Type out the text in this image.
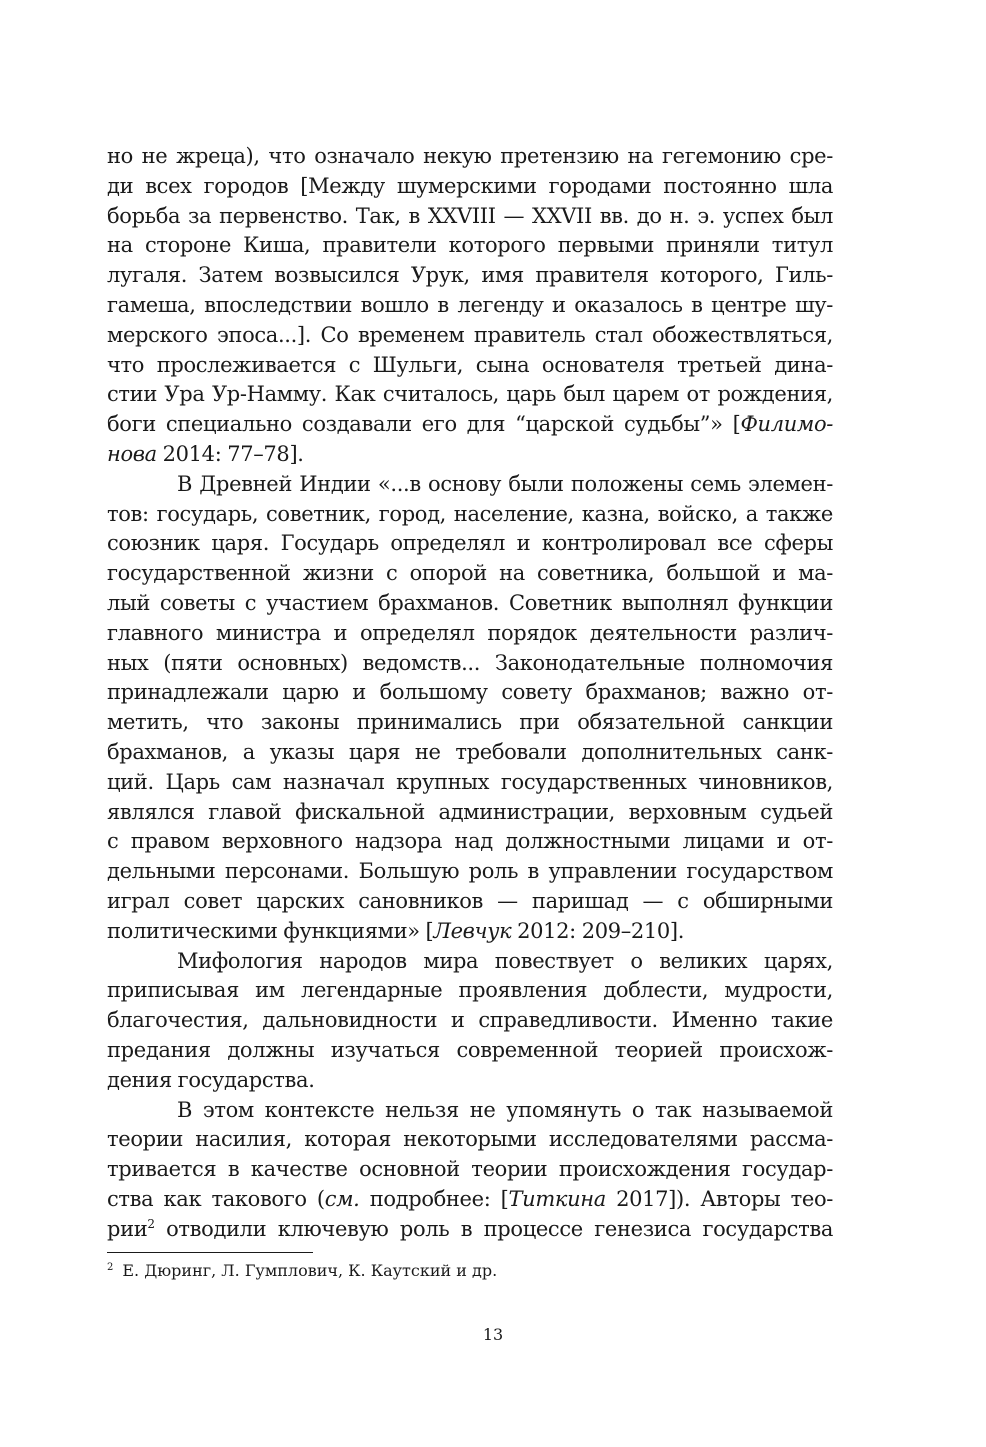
но не жреца), что означало некую претензию на гегемонию сре-
ди всех городов [Между шумерскими городами постоянно шла
борьба за первенство. Так, в XXVIII — XXVII вв. до н. э. успех был
на стороне Киша, правители которого первыми приняли титул
лугаля. Затем возвысился Урук, имя правителя которого, Гиль-
гамеша, впоследствии вошло в легенду и оказалось в центре шу-
мерского эпоса...]. Со временем правитель стал обожествляться,
что прослеживается с Шульги, сына основателя третьей дина-
стии Ура Ур-Намму. Как считалось, царь был царем от рождения,
боги специально создавали его для “царской судьбы”» [Филимо-
нова 2014: 77–78].
В Древней Индии «...в основу были положены семь элемен-
тов: государь, советник, город, население, казна, войско, а также
союзник царя. Государь определял и контролировал все сферы
государственной жизни с опорой на советника, большой и ма-
лый советы с участием брахманов. Советник выполнял функции
главного министра и определял порядок деятельности различ-
ных (пяти основных) ведомств... Законодательные полномочия
принадлежали царю и большому совету брахманов; важно от-
метить, что законы принимались при обязательной санкции
брахманов, а указы царя не требовали дополнительных санк-
ций. Царь сам назначал крупных государственных чиновников,
являлся главой фискальной администрации, верховным судьей
с правом верховного надзора над должностными лицами и от-
дельными персонами. Большую роль в управлении государством
играл совет царских сановников — паришад — с обширными
политическими функциями» [Левчук 2012: 209–210].
Мифология народов мира повествует о великих царях,
приписывая им легендарные проявления доблести, мудрости,
благочестия, дальновидности и справедливости. Именно такие
предания должны изучаться современной теорией происхож-
дения государства.
В этом контексте нельзя не упомянуть о так называемой
теории насилия, которая некоторыми исследователями рассма-
тривается в качестве основной теории происхождения государ-
ства как такового (см. подробнее: [Титкина 2017]). Авторы тео-
рии$^2$ отводили ключевую роль в процессе генезиса государства
$^2$ Е. Дюринг, Л. Гумплович, К. Каутский и др.
13
